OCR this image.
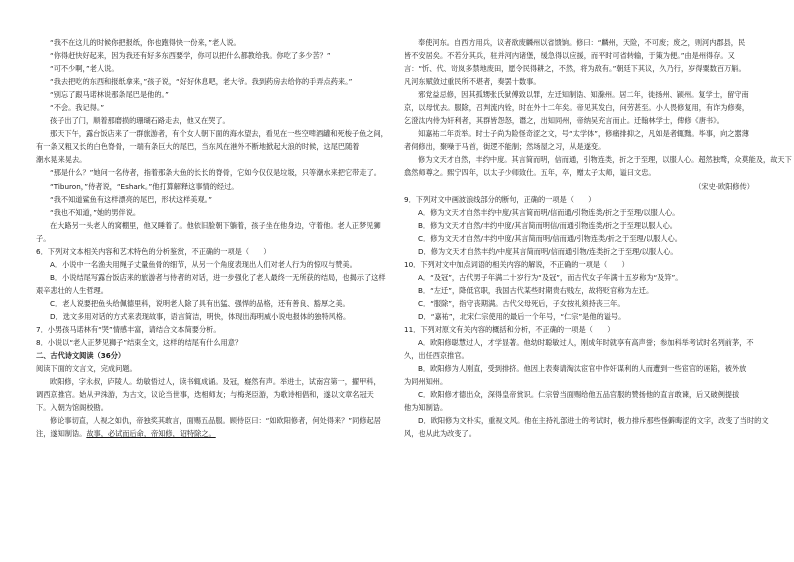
“我不在这儿的时候你把报纸，你也跑得快一份来，”老人说。

“你得赶快好起来，因为我还有好多东西要学，你可以把什么都教给我。你吃了多少苦？”

“可不少啊，”老人说。

“我去把吃的东西和报纸拿来，”孩子说，“好好休息吧，老大爷。我到药房去给你的手弄点药来。”

“别忘了跟马诺林说那条尾巴是他的。”

“不会。我记得。”

孩子出了门，顺着那磨损的珊瑚石路走去，他又在哭了。

那天下午，露台饭店来了一群旅游者，有个女人朝下面的海水望去，看见在一些空啤酒罐和死梭子鱼之间，

有一条又粗又长的白色脊骨，一端有条巨大的尾巴，当东风在港外不断地掀起大浪的时候，这尾巴随着

潮水晃来晃去。

“那是什么？”她问一名侍者，指着那条大鱼的长长的脊骨，它如今仅仅是垃圾，只等潮水来把它带走了。

“Tiburon，”侍者说，“Eshark。”他打算解释这事情的经过。

“我不知道鲨鱼有这样漂亮的尾巴，形状这样美观。”

“我也不知道，”她的男伴说。

在大路另一头老人的窝棚里，他又睡着了。他依旧脸朝下躺着，孩子坐在他身边，守着他。老人正梦见狮

子。

6．下列对文本相关内容和艺术特色的分析鉴赏，不正确的一项是（　　）

A．小说中一名渔夫用绳子丈量鱼骨的细节，从另一个角度表现出人们对老人行为的惊叹与赞美。

B．小说结尾写露台饭店来的旅游者与侍者的对话，进一步强化了老人最终一无所获的结局，也揭示了这样

艰辛悲壮的人生哲理。

C．老人说要把鱼头给佩德里科，说明老人除了具有出猛、强悍的品格，还有善良、豁厚之美。

D．选文多用对话的方式来表现故事，语言简洁，明快，体现出海明威小说电报体的独特风格。

7．小男孩马诺林有“哭”情感丰富，请结合文本简要分析。

8．小说以“老人正梦见狮子”结束全文，这样的结尾有什么用意？

二、古代诗文阅读（36分）

阅读下面的文言文，完成问题。

欧阳修，字永叔，庐陵人。幼敏悟过人，读书辄成诵。及冠，嶷然有声。举进士，试南宫第一，擢甲科，

调西京推官。始从尹洙游，为古文，议论当世事，迭相师友；与梅尧臣游，为歌诗相倡和，遂以文章名冠天

下。入朝为馆阁校勘。

修论事切直，人视之如仇，帝独奖其敢言，面赐五品服。顾侍臣曰：“如欧阳修者，何处得来？”同修起居

注，遂知制诰。故事，必试而后命，帝知修，诏特除之。

奉使河东。自西方用兵，议者欲废麟州以省馈饷。修曰：“麟州，天险，不可废；废之，则河内郡县，民

皆不安居矣。不若分其兵，驻并河内诸堡，缓急得以应援，而平时可省转输，于策为便。”由是州得存。又

言：“忻、代、岢岚多禁地废田，愿令民得耕之，不然，将为敌有。”朝廷下其议，久乃行，岁得粟数百万斛。

凡河东赋敛过重民所不堪者，奏罢十数事。

邪党益忌修，因其孤甥张氏狱傅致以罪，左迁知制诰、知滁州。居二年，徙扬州、颍州。复学士，留守南

京，以母忧去。服除，召判流内铨，时在外十二年矣。帝见其发白，问劳甚至。小人畏修复用，有诈为修奏，

乞澄汰内侍为奸利者，其群皆怨怒，谮之，出知同州，帝纳吴充言而止。迁翰林学士，俾修《唐书》。

知嘉祐二年贡举。时士子尚为险怪奇涩之文，号“太学体”，修痛排抑之，凡如是者辄黜。毕事，向之嚣薄

者伺修出，聚噪于马首，街逻不能制；然场屋之习，从是遂变。

修为文天才自然，丰约中度。其言简而明，信而通，引物连类，折之于至理，以服人心。超然独骛，众莫能及，故天下

翕然师尊之。熙宁四年，以太子少师致仕。五年，卒，赠太子太师，谥曰文忠。

（宋史·欧阳修传）

9．下列对文中画波浪线部分的断句，正确的一项是（　　）

A．修为文天才自然丰约中度/其言简而明/信而通/引物连类/折之于至理/以服人心。

B．修为文天才自然/丰约中度/其言简而明信/而通引物连类/折之于至理以服人心。

C．修为文天才自然/丰约中度/其言简而明/信而通/引物连类/折之于至理/以服人心。

D．修为文天才自然丰约/中度其言简而明/信而通引物/连类折之于至理/以服人心。

10．下列对文中加点词语的相关内容的解说，不正确的一项是（　　）

A．“及冠”，古代男子年满二十岁行为“及冠”，而古代女子年满十五岁称为“及笄”。

B．“左迁”，降低官职，我国古代某些时期贵右贱左，故将贬官称为左迁。

C．“服除”，指守丧期满。古代父母死后，子女按礼须持丧三年。

D．“嘉祐”，北宋仁宗使用的最后一个年号，“仁宗”是他的谥号。

11．下列对原文有关内容的概括和分析，不正确的一项是（　　）

A．欧阳修聪慧过人，才学显著。他幼时聪敏过人，刚成年时就享有高声誉；参加科举考试时名列前茅，不

久，出任西京推官。

B．欧阳修为人刚直，受到排挤。他因上表奏请淘汰宦官中作奸谋利的人而遭到一些宦官的诬陷，被外放

为同州知州。

C．欧阳修才德出众，深得皇帝赏识。仁宗曾当面赐给他五品官服的赞扬他的直言敢谏，后又破例提拔

他为知制诰。

D．欧阳修为文朴实，重视文风。他在主持礼部进士的考试时，极力排斥那些怪僻晦涩的文字，改变了当时的文

风，也从此为改变了。
